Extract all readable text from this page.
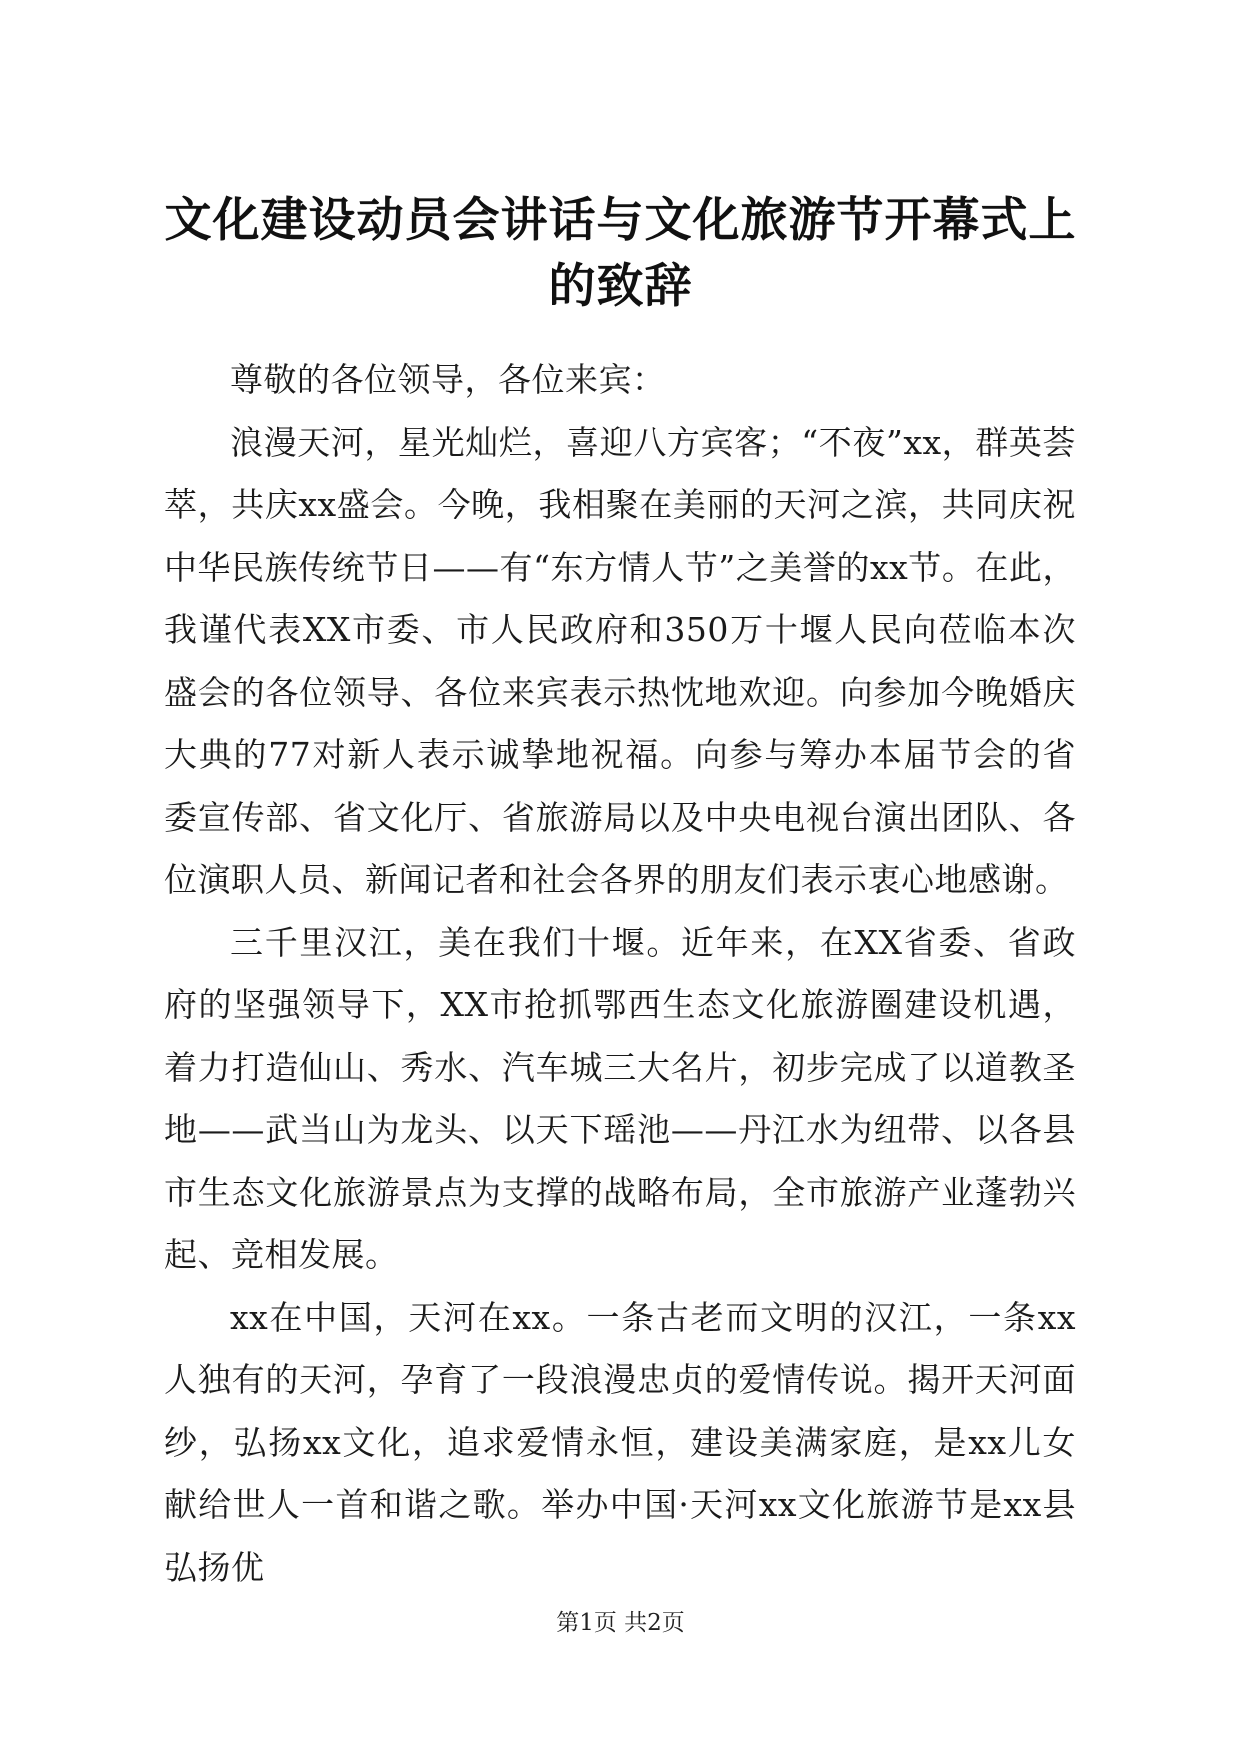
文化建设动员会讲话与文化旅游节开幕式上的致辞

尊敬的各位领导，各位来宾：

浪漫天河，星光灿烂，喜迎八方宾客；“不夜”xx，群英荟萃，共庆xx盛会。今晚，我相聚在美丽的天河之滨，共同庆祝中华民族传统节日——有“东方情人节”之美誉的xx节。在此，我谨代表XX市委、市人民政府和350万十堰人民向莅临本次盛会的各位领导、各位来宾表示热忱地欢迎。向参加今晚婚庆大典的77对新人表示诚挚地祝福。向参与筹办本届节会的省委宣传部、省文化厅、省旅游局以及中央电视台演出团队、各位演职人员、新闻记者和社会各界的朋友们表示衷心地感谢。

三千里汉江，美在我们十堰。近年来，在XX省委、省政府的坚强领导下，XX市抢抓鄂西生态文化旅游圈建设机遇，着力打造仙山、秀水、汽车城三大名片，初步完成了以道教圣地——武当山为龙头、以天下瑶池——丹江水为纽带、以各县市生态文化旅游景点为支撑的战略布局，全市旅游产业蓬勃兴起、竞相发展。

xx在中国，天河在xx。一条古老而文明的汉江，一条xx人独有的天河，孕育了一段浪漫忠贞的爱情传说。揭开天河面纱，弘扬xx文化，追求爱情永恒，建设美满家庭，是xx儿女献给世人一首和谐之歌。举办中国·天河xx文化旅游节是xx县弘扬优

第1页 共2页
